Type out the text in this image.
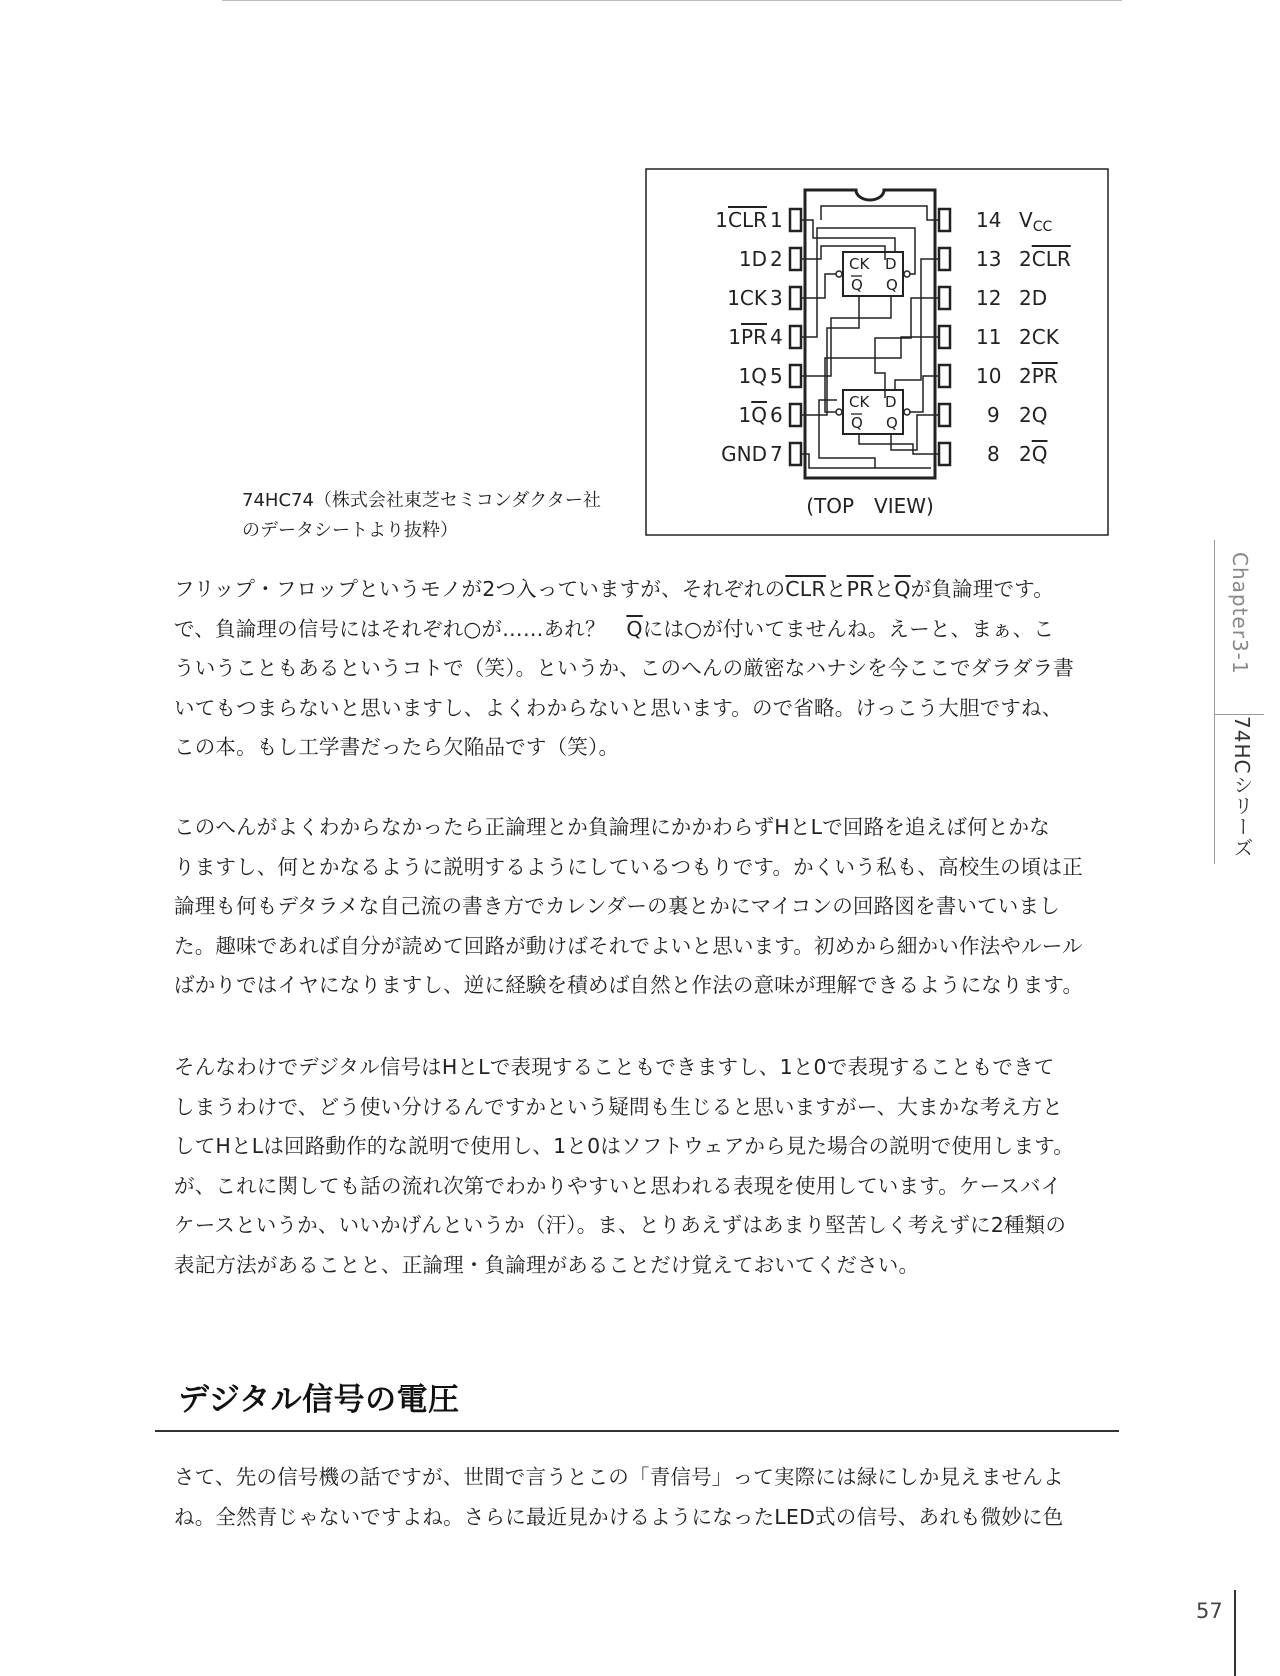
CK D
Q Q
CK D
Q Q
1CLR
1D
1CK
1PR
1Q
1Q
GND
1
2
3
4
5
6
7
14
13
12
11
10
9
8
$V_{CC}$
2CLR
2D
2CK
2PR
2Q
2Q
(TOP　VIEW)

74HC74（株式会社東芝セミコンダクター社
のデータシートより抜粋）

フリップ・フロップというモノが2つ入っていますが、それぞれの$\overline{CLR}$と$\overline{PR}$と$\overline{Q}$が負論理です。
で、負論理の信号にはそれぞれ○が……あれ？　$\overline{Q}$には○が付いてませんね。えーと、まぁ、こ
ういうこともあるというコトで（笑）。というか、このへんの厳密なハナシを今ここでダラダラ書
いてもつまらないと思いますし、よくわからないと思います。ので省略。けっこう大胆ですね、
この本。もし工学書だったら欠陥品です（笑）。

このへんがよくわからなかったら正論理とか負論理にかかわらずHとLで回路を追えば何とかな
りますし、何とかなるように説明するようにしているつもりです。かくいう私も、高校生の頃は正
論理も何もデタラメな自己流の書き方でカレンダーの裏とかにマイコンの回路図を書いていまし
た。趣味であれば自分が読めて回路が動けばそれでよいと思います。初めから細かい作法やルール
ばかりではイヤになりますし、逆に経験を積めば自然と作法の意味が理解できるようになります。

そんなわけでデジタル信号はHとLで表現することもできますし、1と0で表現することもできて
しまうわけで、どう使い分けるんですかという疑問も生じると思いますがー、大まかな考え方と
してHとLは回路動作的な説明で使用し、1と0はソフトウェアから見た場合の説明で使用します。
が、これに関しても話の流れ次第でわかりやすいと思われる表現を使用しています。ケースバイ
ケースというか、いいかげんというか（汗）。ま、とりあえずはあまり堅苦しく考えずに2種類の
表記方法があることと、正論理・負論理があることだけ覚えておいてください。

デジタル信号の電圧

さて、先の信号機の話ですが、世間で言うとこの「青信号」って実際には緑にしか見えませんよ
ね。全然青じゃないですよね。さらに最近見かけるようになったLED式の信号、あれも微妙に色

Chapter3-1
74HCシリーズ

57
